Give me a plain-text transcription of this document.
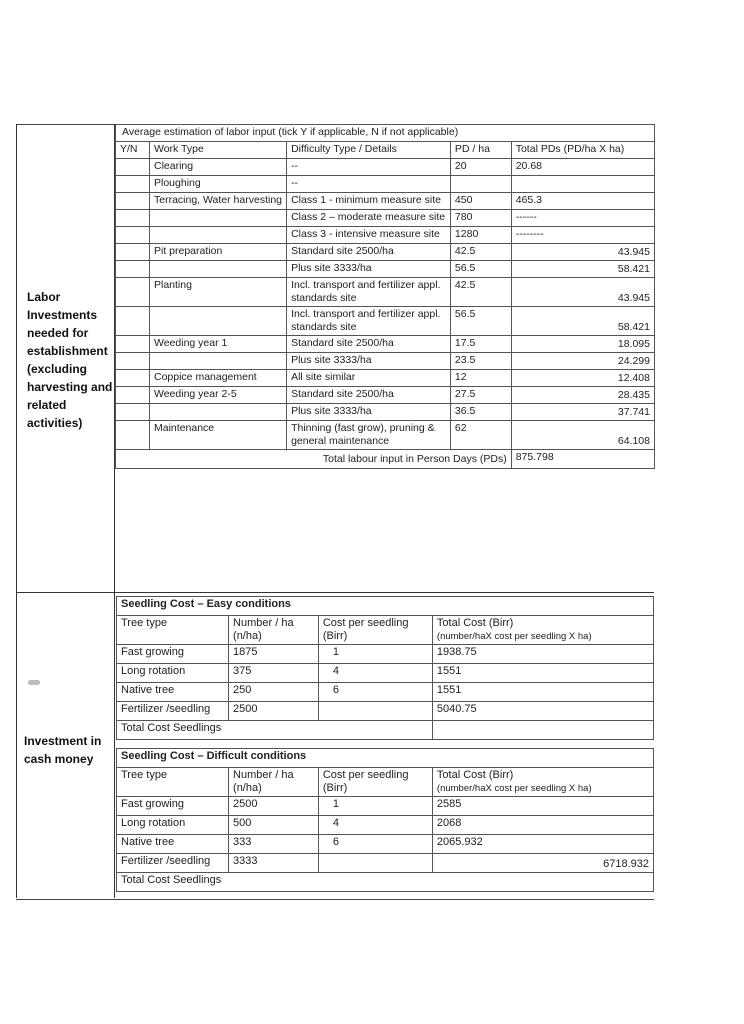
Labor Investments needed for establishment (excluding harvesting and related activities)
Investment in cash money
Average estimation of labor input (tick Y if applicable, N if not applicable)				
Y/N	Work Type	Difficulty Type / Details	PD / ha	Total PDs (PD/ha X ha)
	Clearing	--	20	20.68
	Ploughing	--		
	Terracing, Water harvesting	Class 1 - minimum measure site	450	465.3
		Class 2 – moderate measure site	780	------
		Class 3 - intensive measure site	1280	--------
	Pit preparation	Standard site 2500/ha	42.5	43.945
		Plus site 3333/ha	56.5	58.421
	Planting	Incl. transport and fertilizer appl. standards site	42.5	43.945
		Incl. transport and fertilizer appl. standards site	56.5	58.421
	Weeding year 1	Standard site 2500/ha	17.5	18.095
		Plus site 3333/ha	23.5	24.299
	Coppice management	All site similar	12	12.408
	Weeding year 2-5	Standard site 2500/ha	27.5	28.435
		Plus site 3333/ha	36.5	37.741
	Maintenance	Thinning (fast grow), pruning & general maintenance	62	64.108
Total labour input in Person Days (PDs)				875.798
Seedling Cost – Easy conditions			
Tree type	Number / ha (n/ha)	Cost per seedling (Birr)	Total Cost (Birr)
(number/haX cost per seedling X ha)

Fast growing	1875	1	1938.75
Long rotation	375	4	1551
Native tree	250	6	1551
Fertilizer /seedling	2500		5040.75
Total Cost Seedlings			
Seedling Cost – Difficult conditions			
Tree type	Number / ha (n/ha)	Cost per seedling (Birr)	Total Cost (Birr)
(number/haX cost per seedling X ha)

Fast growing	2500	1	2585
Long rotation	500	4	2068
Native tree	333	6	2065.932
Fertilizer /seedling	3333		6718.932
Total Cost Seedlings			
